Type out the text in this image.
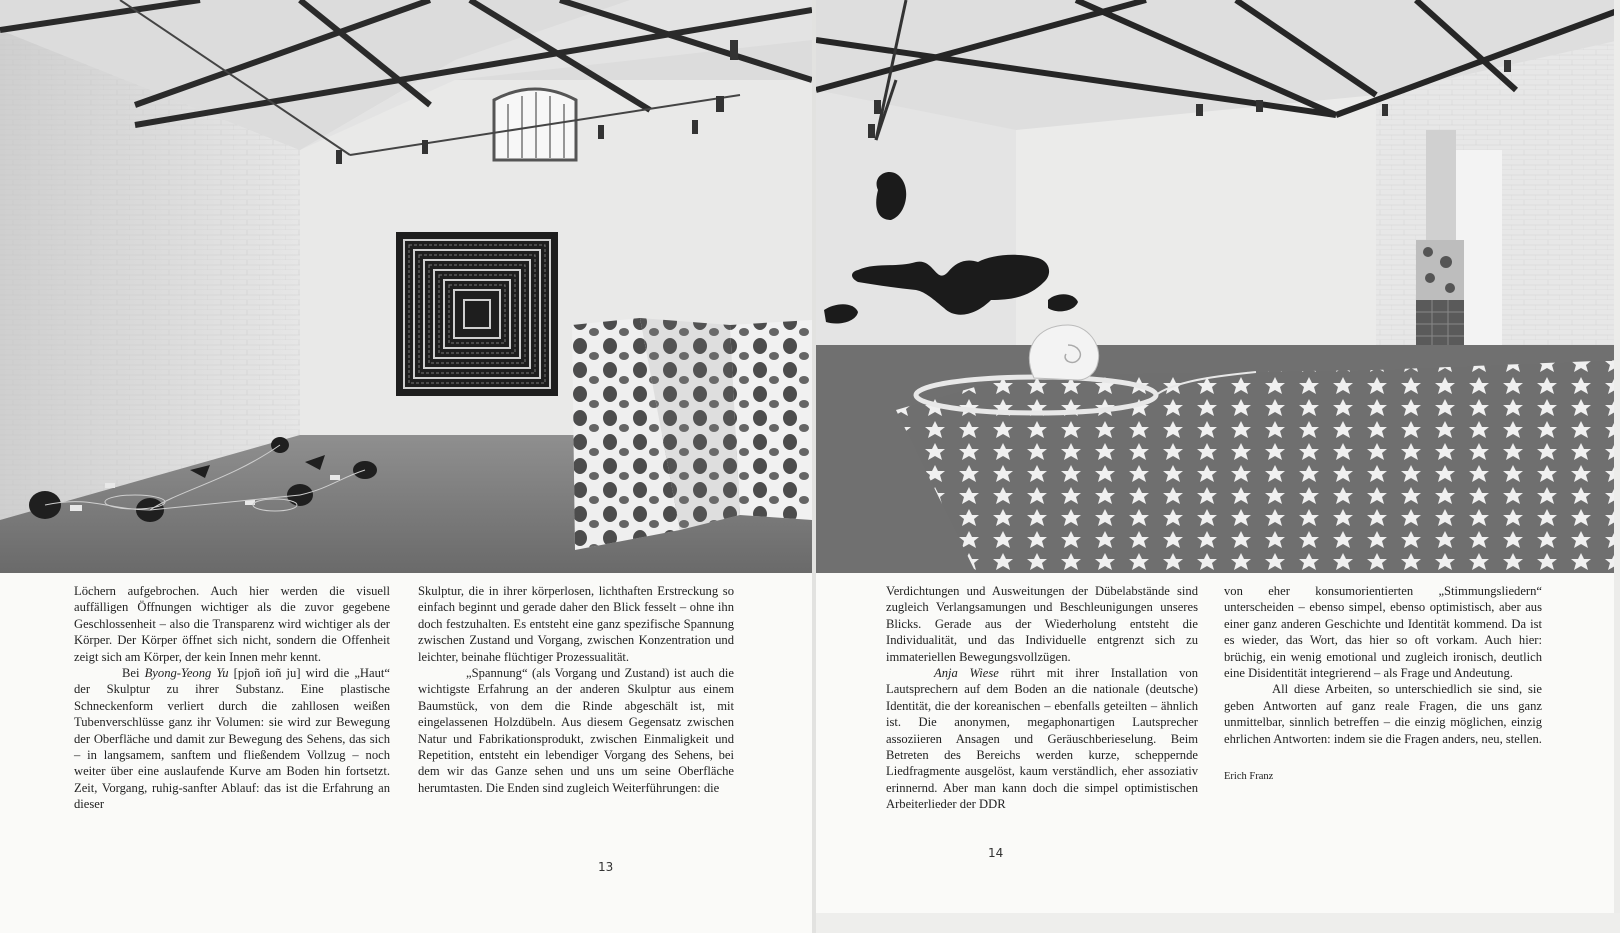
Löchern aufgebrochen. Auch hier werden die visuell auffälligen Öffnungen wichtiger als die zuvor gegebene Geschlossenheit – also die Transparenz wird wichtiger als der Körper. Der Körper öffnet sich nicht, sondern die Offenheit zeigt sich am Körper, der kein Innen mehr kennt.

Bei Byong-Yeong Yu [pjoñ ioñ ju] wird die „Haut“ der Skulptur zu ihrer Substanz. Eine plastische Schneckenform verliert durch die zahllosen weißen Tubenverschlüsse ganz ihr Volumen: sie wird zur Bewegung der Oberfläche und damit zur Bewegung des Sehens, das sich – in langsamem, sanftem und fließendem Vollzug – noch weiter über eine auslaufende Kurve am Boden hin fortsetzt. Zeit, Vorgang, ruhig-sanfter Ablauf: das ist die Erfahrung an dieser

Skulptur, die in ihrer körperlosen, lichthaften Erstreckung so einfach beginnt und gerade daher den Blick fesselt – ohne ihn doch festzuhalten. Es entsteht eine ganz spezifische Spannung zwischen Zustand und Vorgang, zwischen Konzentration und leichter, beinahe flüchtiger Prozessualität.

„Spannung“ (als Vorgang und Zustand) ist auch die wichtigste Erfahrung an der anderen Skulptur aus einem Baumstück, von dem die Rinde abgeschält ist, mit eingelassenen Holzdübeln. Aus diesem Gegensatz zwischen Natur und Fabrikationsprodukt, zwischen Einmaligkeit und Repetition, entsteht ein lebendiger Vorgang des Sehens, bei dem wir das Ganze sehen und uns um seine Oberfläche herumtasten. Die Enden sind zugleich Weiterführungen: die

13

Verdichtungen und Ausweitungen der Dübelabstände sind zugleich Verlangsamungen und Beschleunigungen unseres Blicks. Gerade aus der Wiederholung entsteht die Individualität, und das Individuelle entgrenzt sich zu immateriellen Bewegungsvollzügen.

Anja Wiese rührt mit ihrer Installation von Lautsprechern auf dem Boden an die nationale (deutsche) Identität, die der koreanischen – ebenfalls geteilten – ähnlich ist. Die anonymen, megaphonartigen Lautsprecher assoziieren Ansagen und Geräuschberieselung. Beim Betreten des Bereichs werden kurze, scheppernde Liedfragmente ausgelöst, kaum verständlich, eher assoziativ erinnernd. Aber man kann doch die simpel optimistischen Arbeiterlieder der DDR

von eher konsumorientierten „Stimmungsliedern“ unterscheiden – ebenso simpel, ebenso optimistisch, aber aus einer ganz anderen Geschichte und Identität kommend. Da ist es wieder, das Wort, das hier so oft vorkam. Auch hier: brüchig, ein wenig emotional und zugleich ironisch, deutlich eine Disidentität integrierend – als Frage und Andeutung.

All diese Arbeiten, so unterschiedlich sie sind, sie geben Antworten auf ganz reale Fragen, die uns ganz unmittelbar, sinnlich betreffen – die einzig möglichen, einzig ehrlichen Antworten: indem sie die Fragen anders, neu, stellen.

Erich Franz
14
